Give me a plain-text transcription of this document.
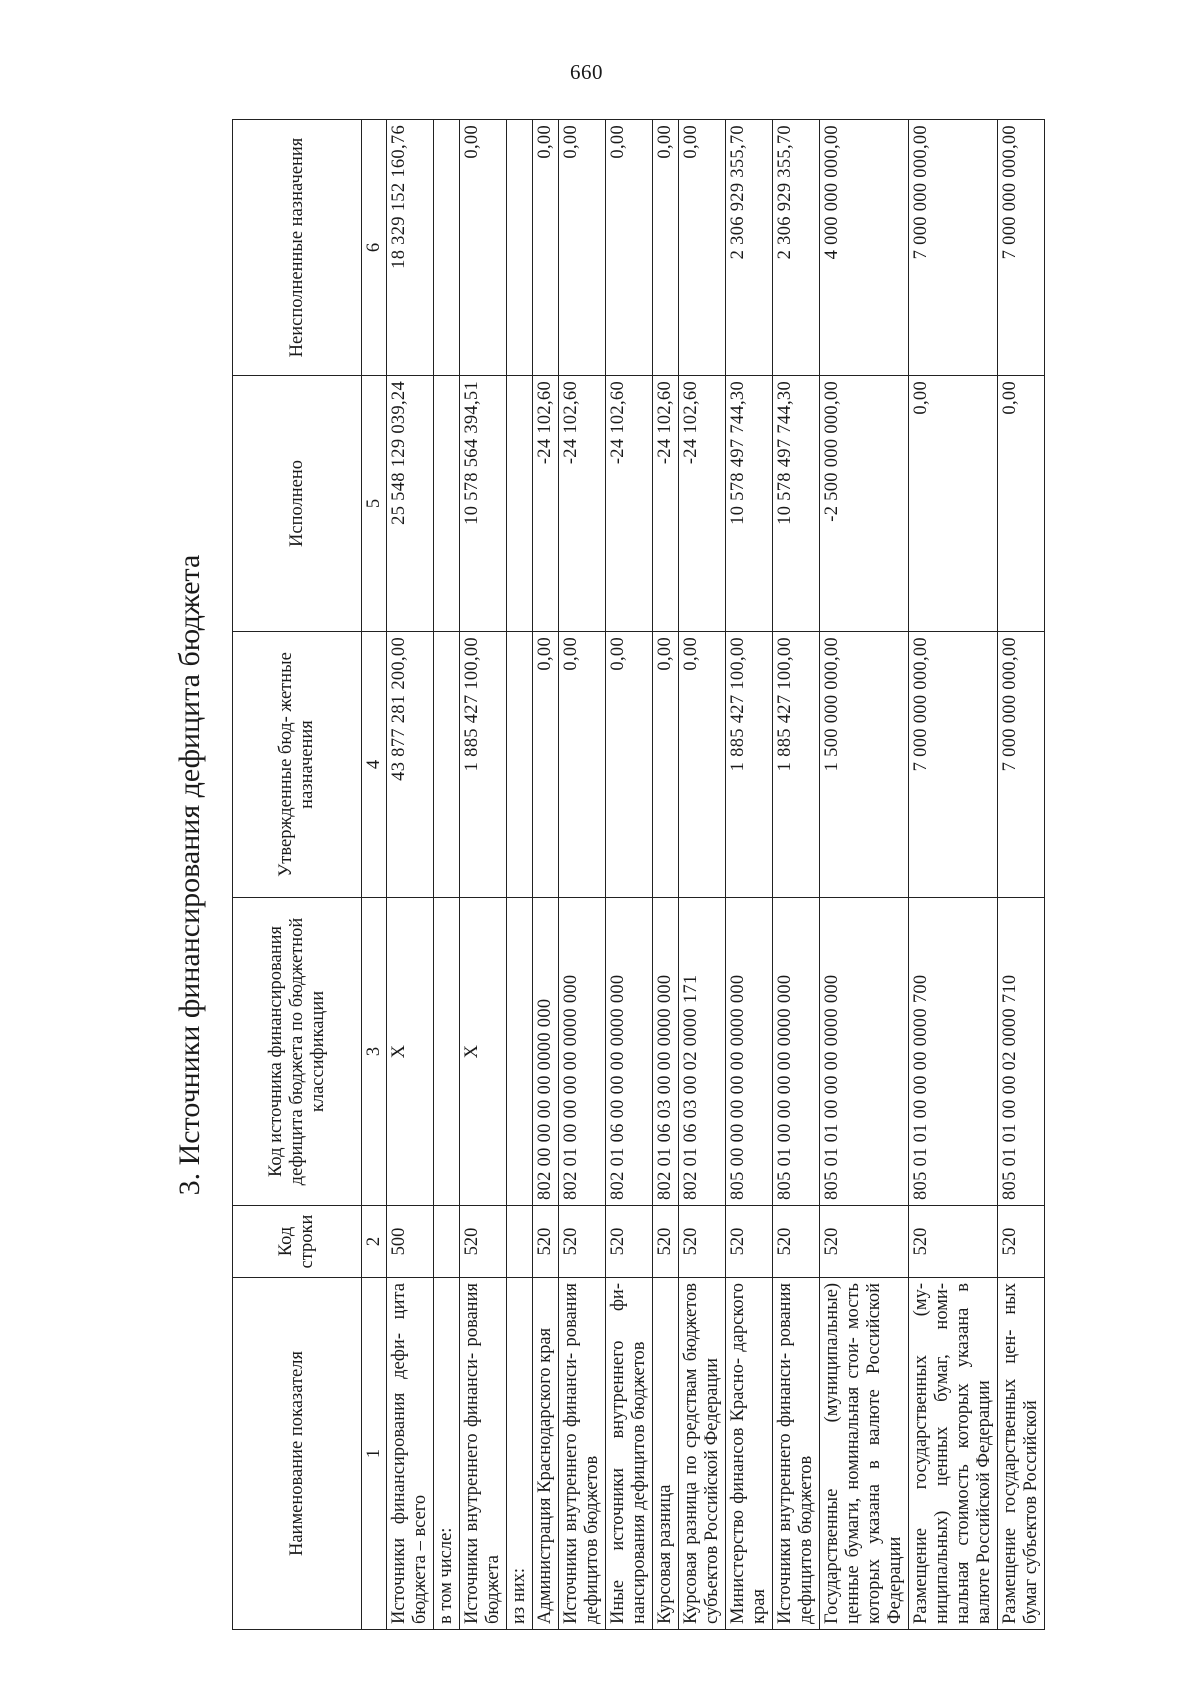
660
3. Источники финансирования дефицита бюджета
Наименование показателя	Код строки	Код источника финансирования дефицита бюджета по бюджетной классификации	Утвержденные бюд- жетные назначения	Исполнено	Неисполненные назначения
1	2	3	4	5	6
Источники финансирования дефи- цита бюджета – всего	500	X	43 877 281 200,00	25 548 129 039,24	18 329 152 160,76
в том числе:					
Источники внутреннего финанси- рования бюджета	520	X	1 885 427 100,00	10 578 564 394,51	0,00
из них:					
Администрация Краснодарского края	520	802 00 00 00 00 0000 000	0,00	-24 102,60	0,00
Источники внутреннего финанси- рования дефицитов бюджетов	520	802 01 00 00 00 00 0000 000	0,00	-24 102,60	0,00
Иные источники внутреннего фи- нансирования дефицитов бюджетов	520	802 01 06 00 00 00 0000 000	0,00	-24 102,60	0,00
Курсовая разница	520	802 01 06 03 00 00 0000 000	0,00	-24 102,60	0,00
Курсовая разница по средствам бюджетов субъектов Российской Федерации	520	802 01 06 03 00 02 0000 171	0,00	-24 102,60	0,00
Министерство финансов Красно- дарского края	520	805 00 00 00 00 00 0000 000	1 885 427 100,00	10 578 497 744,30	2 306 929 355,70
Источники внутреннего финанси- рования дефицитов бюджетов	520	805 01 00 00 00 00 0000 000	1 885 427 100,00	10 578 497 744,30	2 306 929 355,70
Государственные (муниципальные) ценные бумаги, номинальная стои- мость которых указана в валюте Российской Федерации	520	805 01 01 00 00 00 0000 000	1 500 000 000,00	-2 500 000 000,00	4 000 000 000,00
Размещение государственных (му- ниципальных) ценных бумаг, номи- нальная стоимость которых указана в валюте Российской Федерации	520	805 01 01 00 00 00 0000 700	7 000 000 000,00	0,00	7 000 000 000,00
Размещение государственных цен- ных бумаг субъектов Российской	520	805 01 01 00 00 02 0000 710	7 000 000 000,00	0,00	7 000 000 000,00
